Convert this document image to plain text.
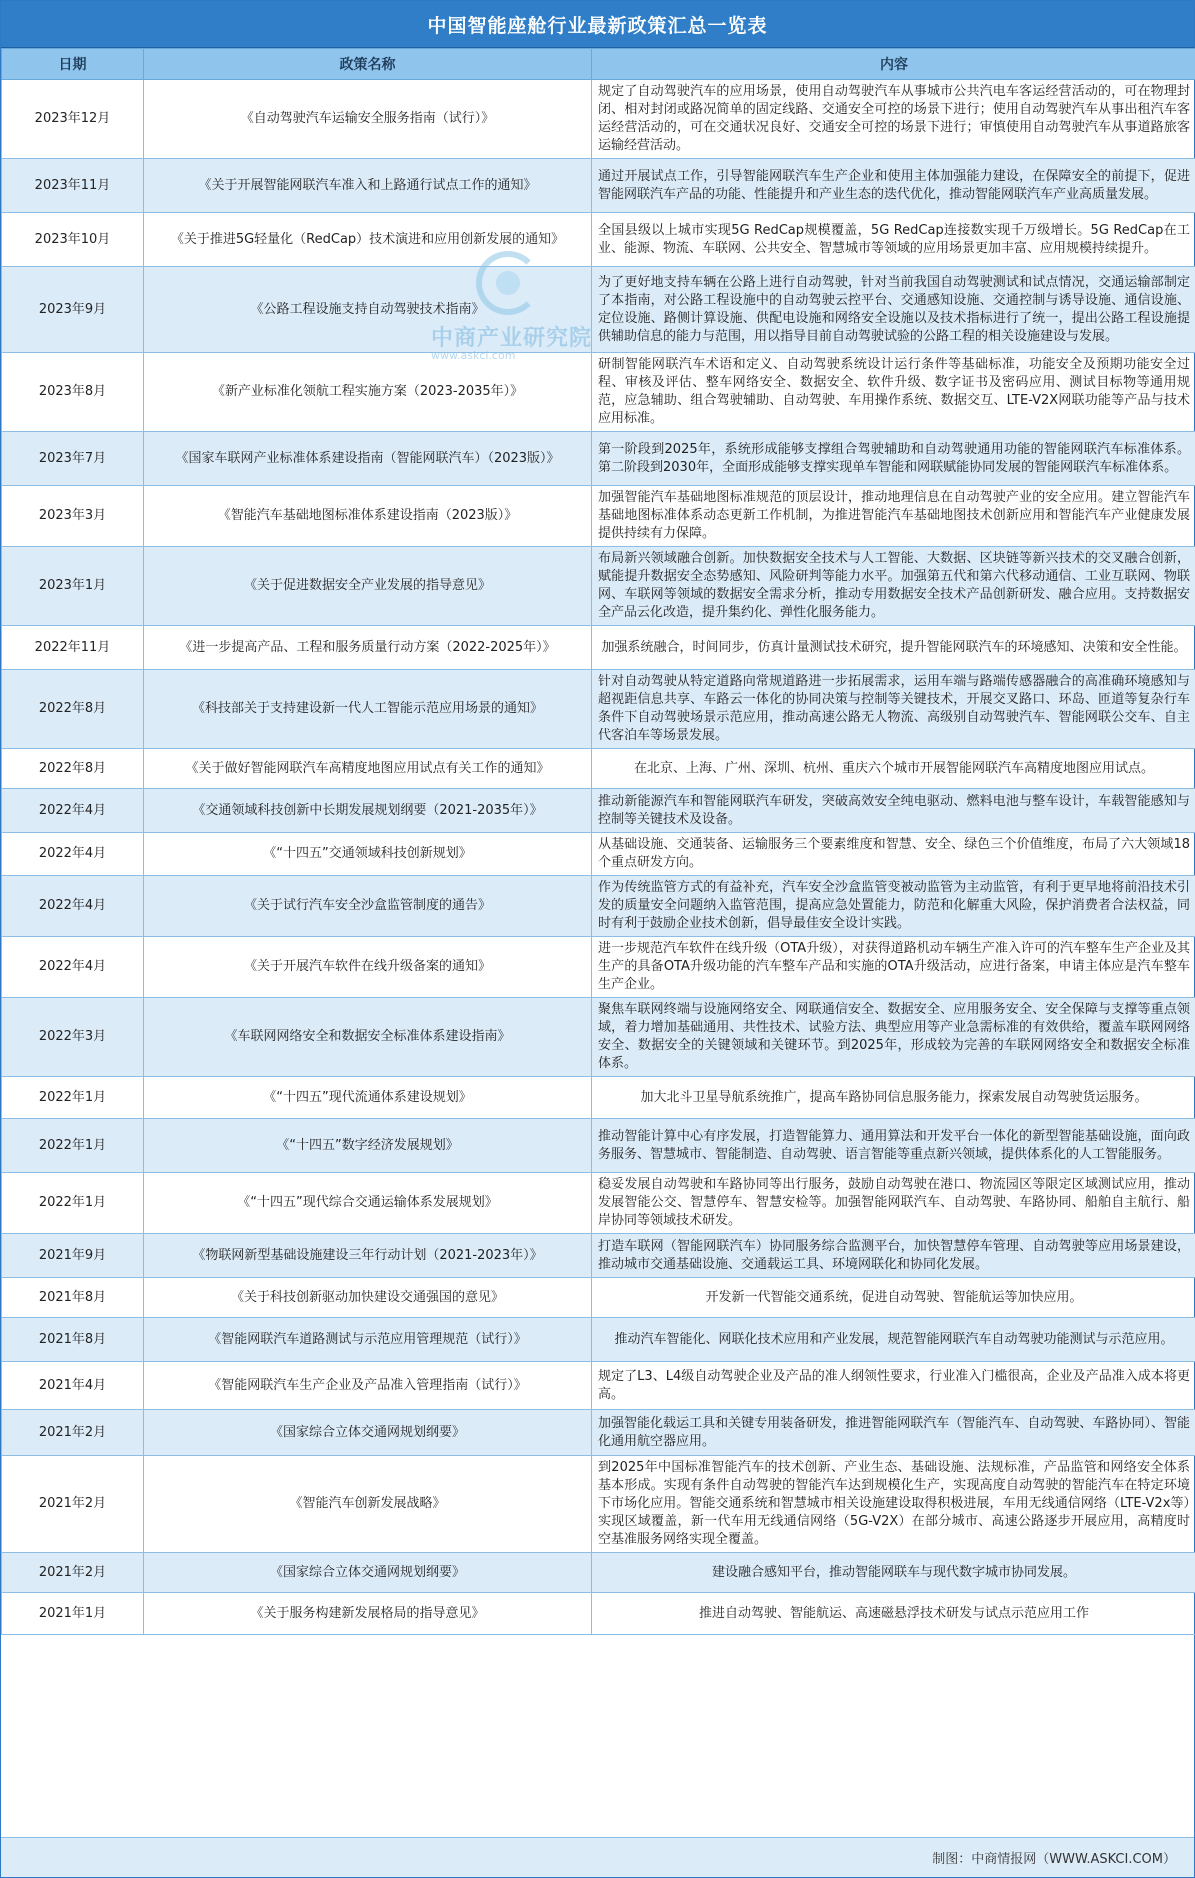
中国智能座舱行业最新政策汇总一览表
日期	政策名称	内容
2023年12月	《自动驾驶汽车运输安全服务指南（试行）》	规定了自动驾驶汽车的应用场景，使用自动驾驶汽车从事城市公共汽电车客运经营活动的，可在物理封闭、相对封闭或路况简单的固定线路、交通安全可控的场景下进行；使用自动驾驶汽车从事出租汽车客运经营活动的，可在交通状况良好、交通安全可控的场景下进行；审慎使用自动驾驶汽车从事道路旅客运输经营活动。
2023年11月	《关于开展智能网联汽车准入和上路通行试点工作的通知》	通过开展试点工作，引导智能网联汽车生产企业和使用主体加强能力建设，在保障安全的前提下，促进智能网联汽车产品的功能、性能提升和产业生态的迭代优化，推动智能网联汽车产业高质量发展。
2023年10月	《关于推进5G轻量化（RedCap）技术演进和应用创新发展的通知》	全国县级以上城市实现5G RedCap规模覆盖，5G RedCap连接数实现千万级增长。5G RedCap在工业、能源、物流、车联网、公共安全、智慧城市等领域的应用场景更加丰富、应用规模持续提升。
2023年9月	《公路工程设施支持自动驾驶技术指南》	为了更好地支持车辆在公路上进行自动驾驶，针对当前我国自动驾驶测试和试点情况，交通运输部制定了本指南，对公路工程设施中的自动驾驶云控平台、交通感知设施、交通控制与诱导设施、通信设施、定位设施、路侧计算设施、供配电设施和网络安全设施以及技术指标进行了统一，提出公路工程设施提供辅助信息的能力与范围，用以指导目前自动驾驶试验的公路工程的相关设施建设与发展。
2023年8月	《新产业标准化领航工程实施方案（2023-2035年）》	研制智能网联汽车术语和定义、自动驾驶系统设计运行条件等基础标准，功能安全及预期功能安全过程、审核及评估、整车网络安全、数据安全、软件升级、数字证书及密码应用、测试目标物等通用规范，应急辅助、组合驾驶辅助、自动驾驶、车用操作系统、数据交互、LTE-V2X网联功能等产品与技术应用标准。
2023年7月	《国家车联网产业标准体系建设指南（智能网联汽车）（2023版）》	第一阶段到2025年，系统形成能够支撑组合驾驶辅助和自动驾驶通用功能的智能网联汽车标准体系。第二阶段到2030年，全面形成能够支撑实现单车智能和网联赋能协同发展的智能网联汽车标准体系。
2023年3月	《智能汽车基础地图标准体系建设指南（2023版）》	加强智能汽车基础地图标准规范的顶层设计，推动地理信息在自动驾驶产业的安全应用。建立智能汽车基础地图标准体系动态更新工作机制，为推进智能汽车基础地图技术创新应用和智能汽车产业健康发展提供持续有力保障。
2023年1月	《关于促进数据安全产业发展的指导意见》	布局新兴领域融合创新。加快数据安全技术与人工智能、大数据、区块链等新兴技术的交叉融合创新，赋能提升数据安全态势感知、风险研判等能力水平。加强第五代和第六代移动通信、工业互联网、物联网、车联网等领域的数据安全需求分析，推动专用数据安全技术产品创新研发、融合应用。支持数据安全产品云化改造，提升集约化、弹性化服务能力。
2022年11月	《进一步提高产品、工程和服务质量行动方案（2022-2025年）》	加强系统融合，时间同步，仿真计量测试技术研究，提升智能网联汽车的环境感知、决策和安全性能。
2022年8月	《科技部关于支持建设新一代人工智能示范应用场景的通知》	针对自动驾驶从特定道路向常规道路进一步拓展需求，运用车端与路端传感器融合的高准确环境感知与超视距信息共享、车路云一体化的协同决策与控制等关键技术，开展交叉路口、环岛、匝道等复杂行车条件下自动驾驶场景示范应用，推动高速公路无人物流、高级别自动驾驶汽车、智能网联公交车、自主代客泊车等场景发展。
2022年8月	《关于做好智能网联汽车高精度地图应用试点有关工作的通知》	在北京、上海、广州、深圳、杭州、重庆六个城市开展智能网联汽车高精度地图应用试点。
2022年4月	《交通领域科技创新中长期发展规划纲要（2021-2035年）》	推动新能源汽车和智能网联汽车研发，突破高效安全纯电驱动、燃料电池与整车设计，车载智能感知与控制等关键技术及设备。
2022年4月	《“十四五”交通领域科技创新规划》	从基础设施、交通装备、运输服务三个要素维度和智慧、安全、绿色三个价值维度，布局了六大领域18个重点研发方向。
2022年4月	《关于试行汽车安全沙盒监管制度的通告》	作为传统监管方式的有益补充，汽车安全沙盒监管变被动监管为主动监管，有利于更早地将前沿技术引发的质量安全问题纳入监管范围，提高应急处置能力，防范和化解重大风险，保护消费者合法权益，同时有利于鼓励企业技术创新，倡导最佳安全设计实践。
2022年4月	《关于开展汽车软件在线升级备案的通知》	进一步规范汽车软件在线升级（OTA升级），对获得道路机动车辆生产准入许可的汽车整车生产企业及其生产的具备OTA升级功能的汽车整车产品和实施的OTA升级活动，应进行备案，申请主体应是汽车整车生产企业。
2022年3月	《车联网网络安全和数据安全标准体系建设指南》	聚焦车联网终端与设施网络安全、网联通信安全、数据安全、应用服务安全、安全保障与支撑等重点领域，着力增加基础通用、共性技术、试验方法、典型应用等产业急需标准的有效供给，覆盖车联网网络安全、数据安全的关键领域和关键环节。到2025年，形成较为完善的车联网网络安全和数据安全标准体系。
2022年1月	《“十四五”现代流通体系建设规划》	加大北斗卫星导航系统推广，提高车路协同信息服务能力，探索发展自动驾驶货运服务。
2022年1月	《“十四五”数字经济发展规划》	推动智能计算中心有序发展，打造智能算力、通用算法和开发平台一体化的新型智能基础设施，面向政务服务、智慧城市、智能制造、自动驾驶、语言智能等重点新兴领域，提供体系化的人工智能服务。
2022年1月	《“十四五”现代综合交通运输体系发展规划》	稳妥发展自动驾驶和车路协同等出行服务，鼓励自动驾驶在港口、物流园区等限定区域测试应用，推动发展智能公交、智慧停车、智慧安检等。加强智能网联汽车、自动驾驶、车路协同、船舶自主航行、船岸协同等领域技术研发。
2021年9月	《物联网新型基础设施建设三年行动计划（2021-2023年）》	打造车联网（智能网联汽车）协同服务综合监测平台，加快智慧停车管理、自动驾驶等应用场景建设，推动城市交通基础设施、交通载运工具、环境网联化和协同化发展。
2021年8月	《关于科技创新驱动加快建设交通强国的意见》	开发新一代智能交通系统，促进自动驾驶、智能航运等加快应用。
2021年8月	《智能网联汽车道路测试与示范应用管理规范（试行）》	推动汽车智能化、网联化技术应用和产业发展，规范智能网联汽车自动驾驶功能测试与示范应用。
2021年4月	《智能网联汽车生产企业及产品准入管理指南（试行）》	规定了L3、L4级自动驾驶企业及产品的准人纲领性要求，行业准入门槛很高，企业及产品准入成本将更高。
2021年2月	《国家综合立体交通网规划纲要》	加强智能化载运工具和关键专用装备研发，推进智能网联汽车（智能汽车、自动驾驶、车路协同）、智能化通用航空器应用。
2021年2月	《智能汽车创新发展战略》	到2025年中国标准智能汽车的技术创新、产业生态、基础设施、法规标准，产品监管和网络安全体系基本形成。实现有条件自动驾驶的智能汽车达到规模化生产，实现高度自动驾驶的智能汽车在特定环境下市场化应用。智能交通系统和智慧城市相关设施建设取得积极进展，车用无线通信网络（LTE-V2x等）实现区域覆盖，新一代车用无线通信网络（5G-V2X）在部分城市、高速公路逐步开展应用，高精度时空基准服务网络实现全覆盖。
2021年2月	《国家综合立体交通网规划纲要》	建设融合感知平台，推动智能网联车与现代数字城市协同发展。
2021年1月	《关于服务构建新发展格局的指导意见》	推进自动驾驶、智能航运、高速磁悬浮技术研发与试点示范应用工作
中商产业研究院
www.askci.com
制图：中商情报网（WWW.ASKCI.COM）
